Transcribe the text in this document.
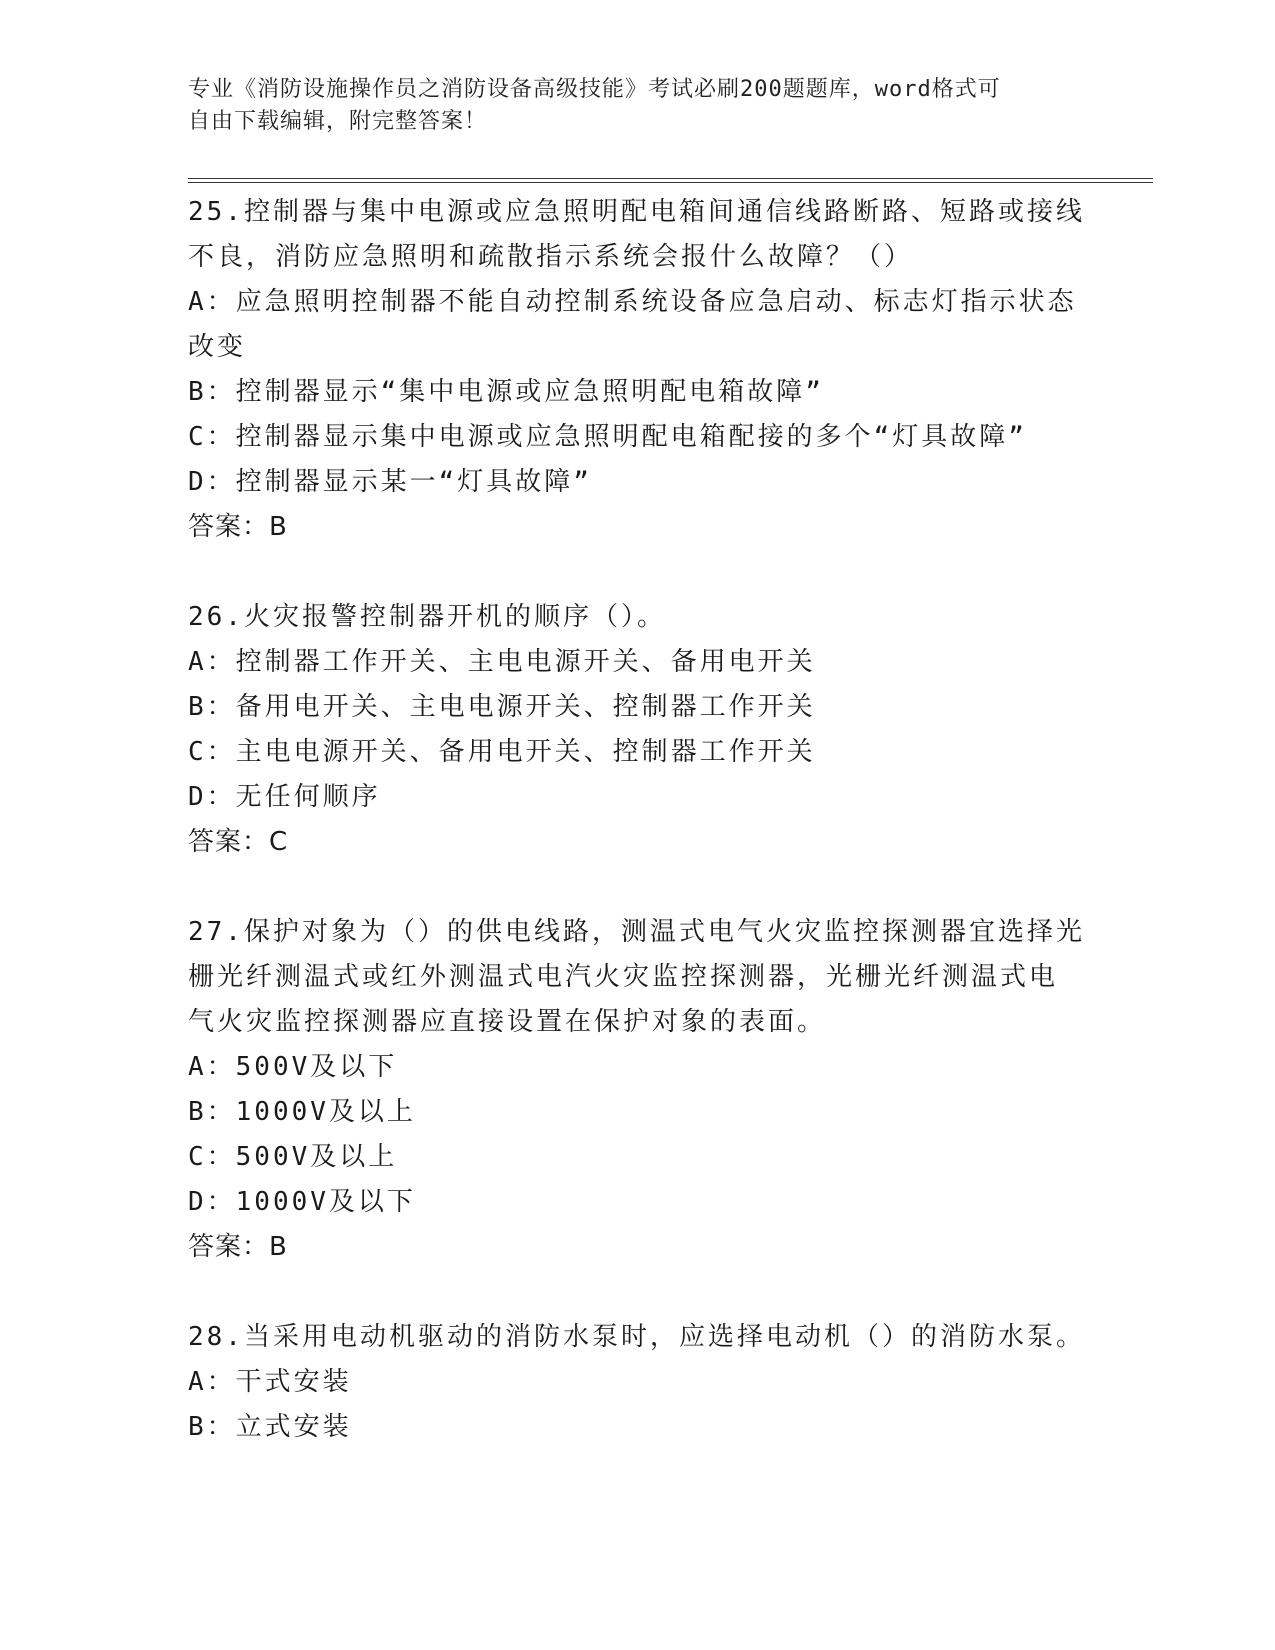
专业《消防设施操作员之消防设备高级技能》考试必刷200题题库，word格式可
自由下载编辑，附完整答案！
25.控制器与集中电源或应急照明配电箱间通信线路断路、短路或接线
不良，消防应急照明和疏散指示系统会报什么故障？（）
A：应急照明控制器不能自动控制系统设备应急启动、标志灯指示状态
改变
B：控制器显示“集中电源或应急照明配电箱故障”
C：控制器显示集中电源或应急照明配电箱配接的多个“灯具故障”
D：控制器显示某一“灯具故障”
答案：B
26.火灾报警控制器开机的顺序（）。
A：控制器工作开关、主电电源开关、备用电开关
B：备用电开关、主电电源开关、控制器工作开关
C：主电电源开关、备用电开关、控制器工作开关
D：无任何顺序
答案：C
27.保护对象为（）的供电线路，测温式电气火灾监控探测器宜选择光
栅光纤测温式或红外测温式电汽火灾监控探测器，光栅光纤测温式电
气火灾监控探测器应直接设置在保护对象的表面。
A：500V及以下
B：1000V及以上
C：500V及以上
D：1000V及以下
答案：B
28.当采用电动机驱动的消防水泵时，应选择电动机（）的消防水泵。
A：干式安装
B：立式安装
